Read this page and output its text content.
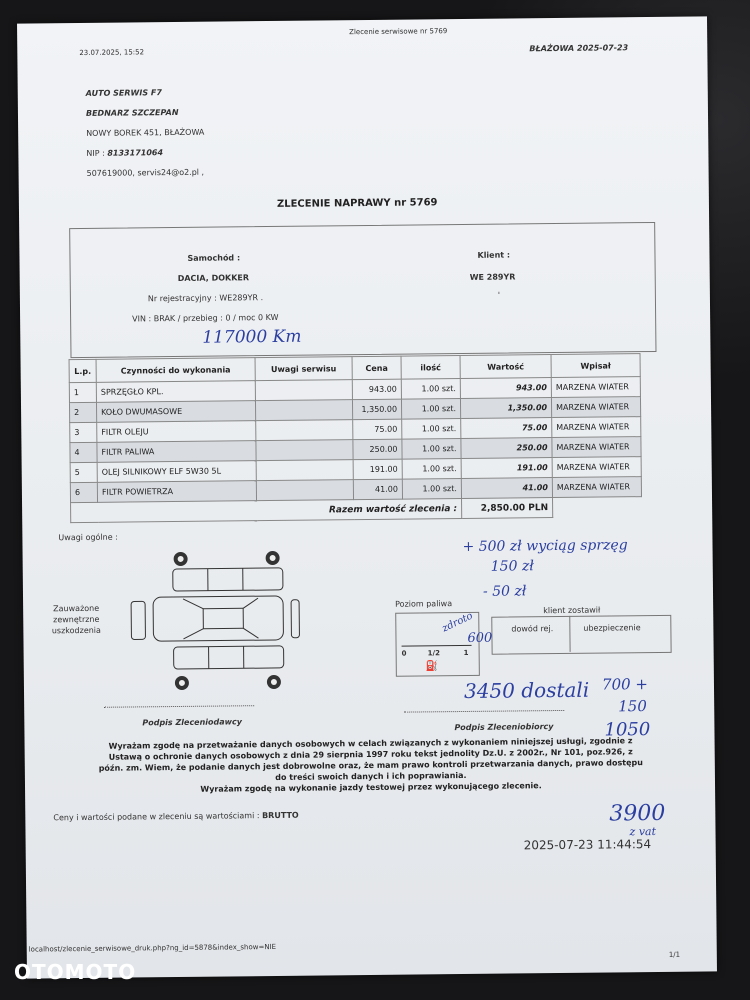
23.07.2025, 15:52
Zlecenie serwisowe nr 5769
BŁAŻOWA 2025-07-23
AUTO SERWIS F7
BEDNARZ SZCZEPAN
NOWY BOREK 451, BŁAŻOWA
NIP : 8133171064
507619000, servis24@o2.pl ,
ZLECENIE NAPRAWY nr 5769
Samochód :
DACIA, DOKKER
Nr rejestracyjny : WE289YR .
VIN : BRAK / przebieg : 0 / moc 0 KW
117000 Km
Klient :
WE 289YR
'
L.p.	Czynności do wykonania	Uwagi serwisu	Cena	ilość	Wartość	Wpisał
1	SPRZĘGŁO KPL.		943.00	1.00 szt.	943.00	MARZENA WIATER
2	KOŁO DWUMASOWE		1,350.00	1.00 szt.	1,350.00	MARZENA WIATER
3	FILTR OLEJU		75.00	1.00 szt.	75.00	MARZENA WIATER
4	FILTR PALIWA		250.00	1.00 szt.	250.00	MARZENA WIATER
5	OLEJ SILNIKOWY ELF 5W30 5L		191.00	1.00 szt.	191.00	MARZENA WIATER
6	FILTR POWIETRZA		41.00	1.00 szt.	41.00	MARZENA WIATER
Razem wartość zlecenia :					2,850.00 PLN	
Uwagi ogólne :
Zauważone
zewnętrzne
uszkodzenia
Poziom paliwa
0	1/2	1
⛽
klient zostawił
dowód rej.	ubezpieczenie
+ 500 zł wyciąg sprzęg
150 zł
- 50 zł
zdroto
600
3450 dostali 700 +
150
1050
3900
z vat
Podpis Zleceniodawcy	Podpis Zleceniobiorcy
Wyrażam zgodę na przetważanie danych osobowych w celach związanych z wykonaniem niniejszej usługi, zgodnie z
Ustawą o ochronie danych osobowych z dnia 29 sierpnia 1997 roku tekst jednolity Dz.U. z 2002r., Nr 101, poz.926, z
późn. zm. Wiem, że podanie danych jest dobrowolne oraz, że mam prawo kontroli przetwarzania danych, prawo dostępu
do treści swoich danych i ich poprawiania.
Wyrażam zgodę na wykonanie jazdy testowej przez wykonującego zlecenie.
Ceny i wartości podane w zleceniu są wartościami : BRUTTO
2025-07-23 11:44:54
localhost/zlecenie_serwisowe_druk.php?ng_id=5878&index_show=NIE
1/1
OTOMOTO
